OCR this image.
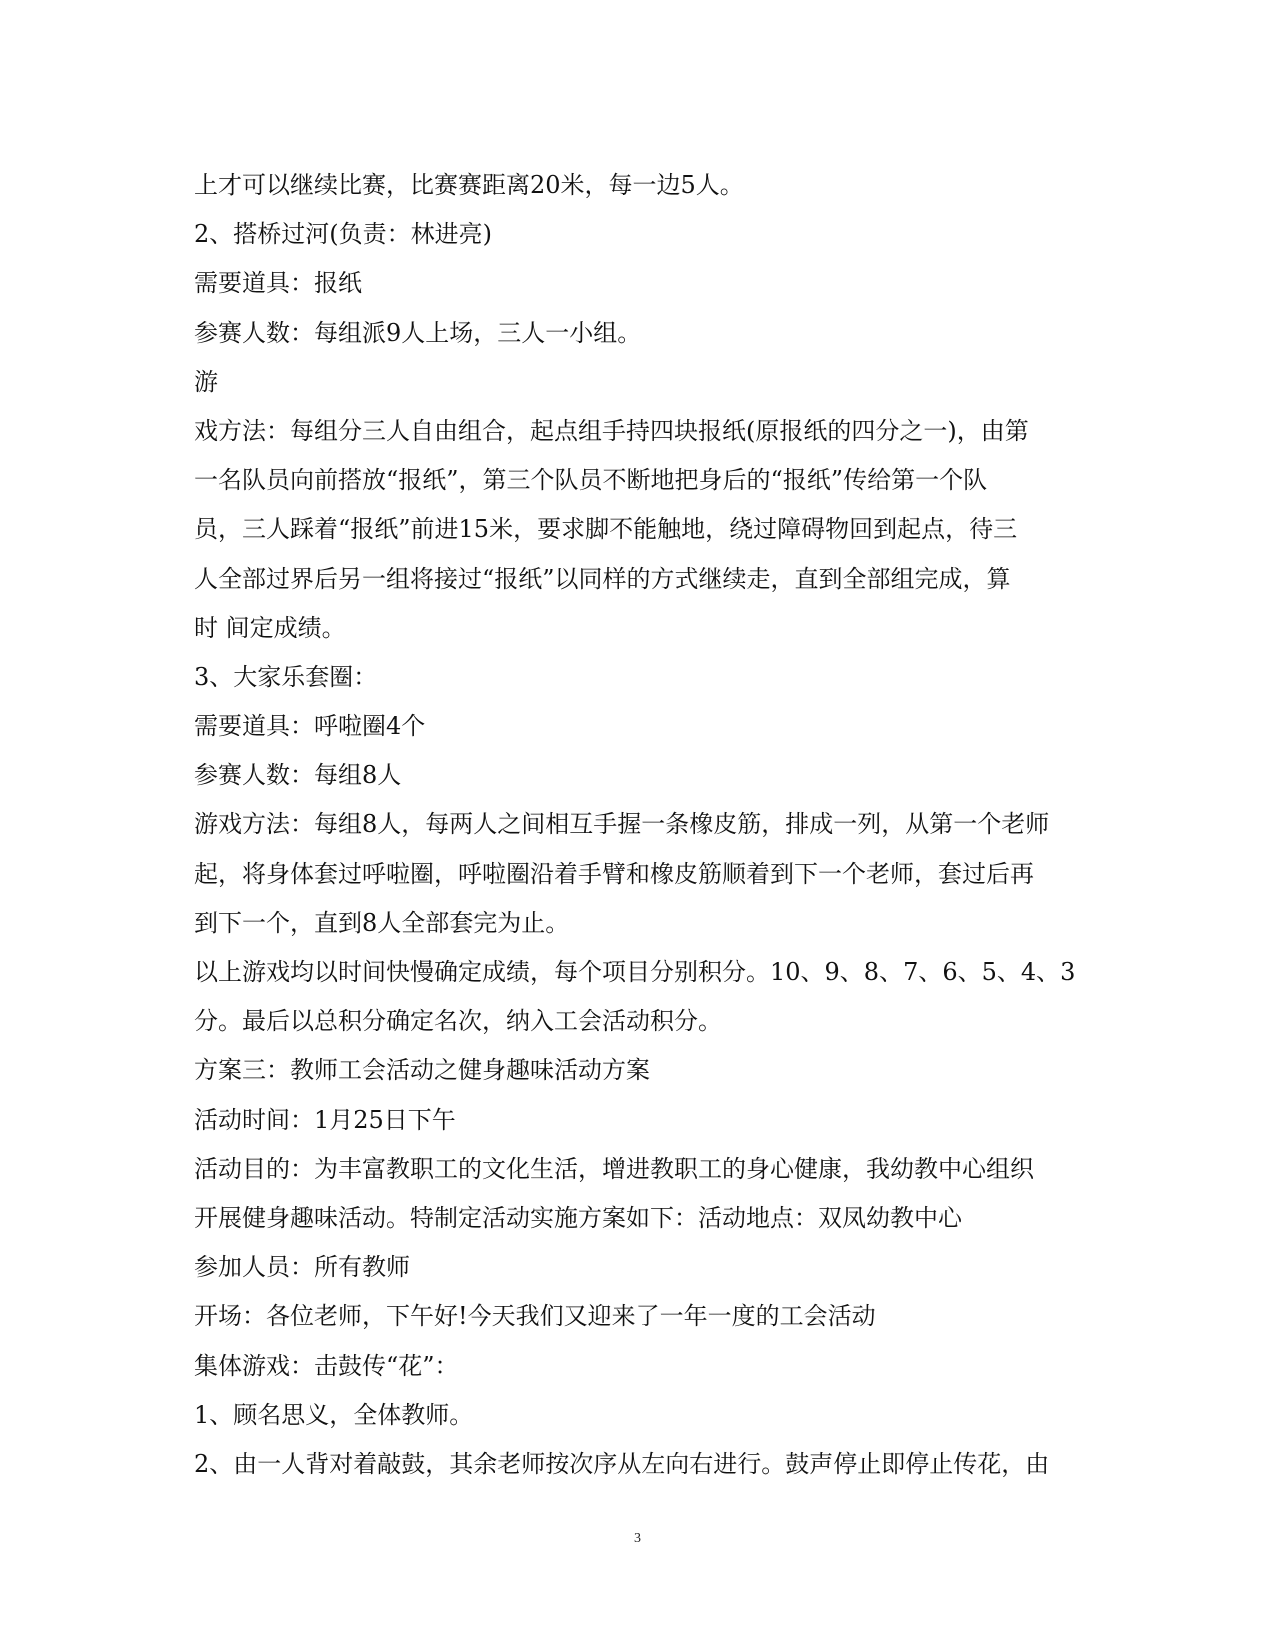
上才可以继续比赛，比赛赛距离20米，每一边5人。
2、搭桥过河(负责：林进亮)
需要道具：报纸
参赛人数：每组派9人上场，三人一小组。
游
戏方法：每组分三人自由组合，起点组手持四块报纸(原报纸的四分之一)，由第
一名队员向前搭放“报纸”，第三个队员不断地把身后的“报纸”传给第一个队
员，三人踩着“报纸”前进15米，要求脚不能触地，绕过障碍物回到起点，待三
人全部过界后另一组将接过“报纸”以同样的方式继续走，直到全部组完成，算
时 间定成绩。
3、大家乐套圈：
需要道具：呼啦圈4个
参赛人数：每组8人
游戏方法：每组8人，每两人之间相互手握一条橡皮筋，排成一列，从第一个老师
起，将身体套过呼啦圈，呼啦圈沿着手臂和橡皮筋顺着到下一个老师，套过后再
到下一个，直到8人全部套完为止。
以上游戏均以时间快慢确定成绩，每个项目分别积分。10、9、8、7、6、5、4、3
分。最后以总积分确定名次，纳入工会活动积分。
方案三：教师工会活动之健身趣味活动方案
活动时间：1月25日下午
活动目的：为丰富教职工的文化生活，增进教职工的身心健康，我幼教中心组织
开展健身趣味活动。特制定活动实施方案如下：活动地点：双凤幼教中心
参加人员：所有教师
开场：各位老师，下午好!今天我们又迎来了一年一度的工会活动
集体游戏：击鼓传“花”：
1、顾名思义，全体教师。
2、由一人背对着敲鼓，其余老师按次序从左向右进行。鼓声停止即停止传花，由
3
